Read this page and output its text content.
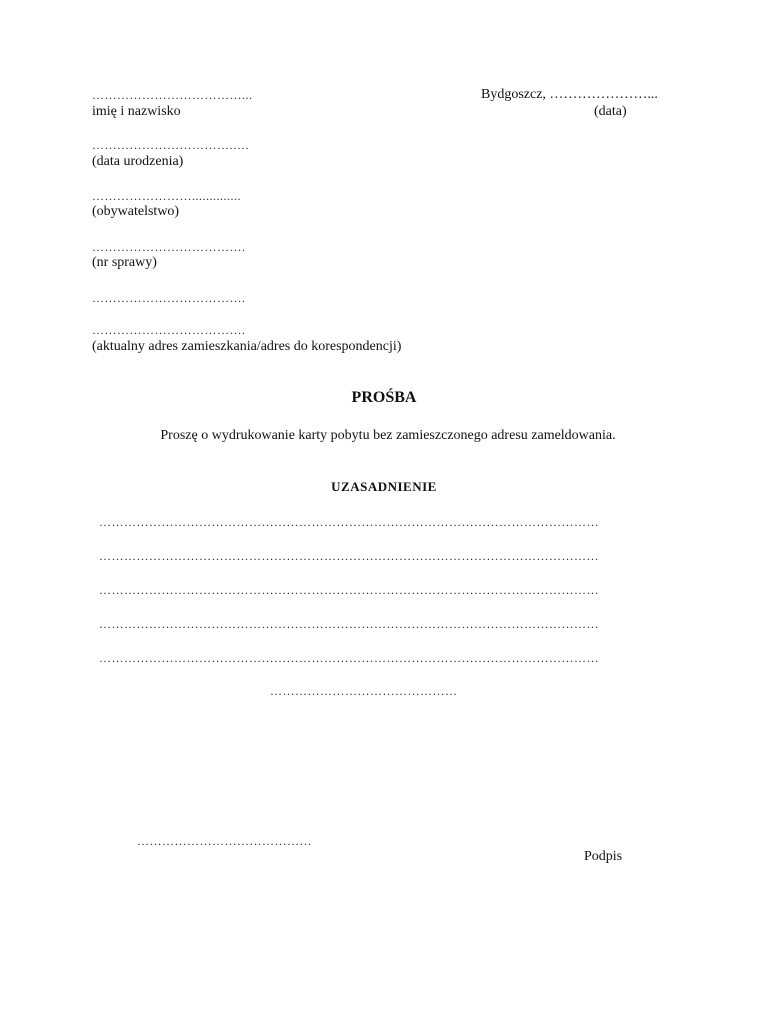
………………………………...
imię i nazwisko
Bydgoszcz, …………………...
(data)
…………………………….….
(data urodzenia)
……………………..............
(obywatelstwo)
……………………………….
(nr sprawy)
……………………………….
……………………………….
(aktualny adres zamieszkania/adres do korespondencji)
PROŚBA
Proszę o wydrukowanie karty pobytu bez zamieszczonego adresu zameldowania.
UZASADNIENIE
…………………………………………………………………………………………………………
…………………………………………………………………………………………………………
…………………………………………………………………………………………………………
…………………………………………………………………………………………………………
…………………………………………………………………………………………………………
………………………………………
……………………………………
Podpis
